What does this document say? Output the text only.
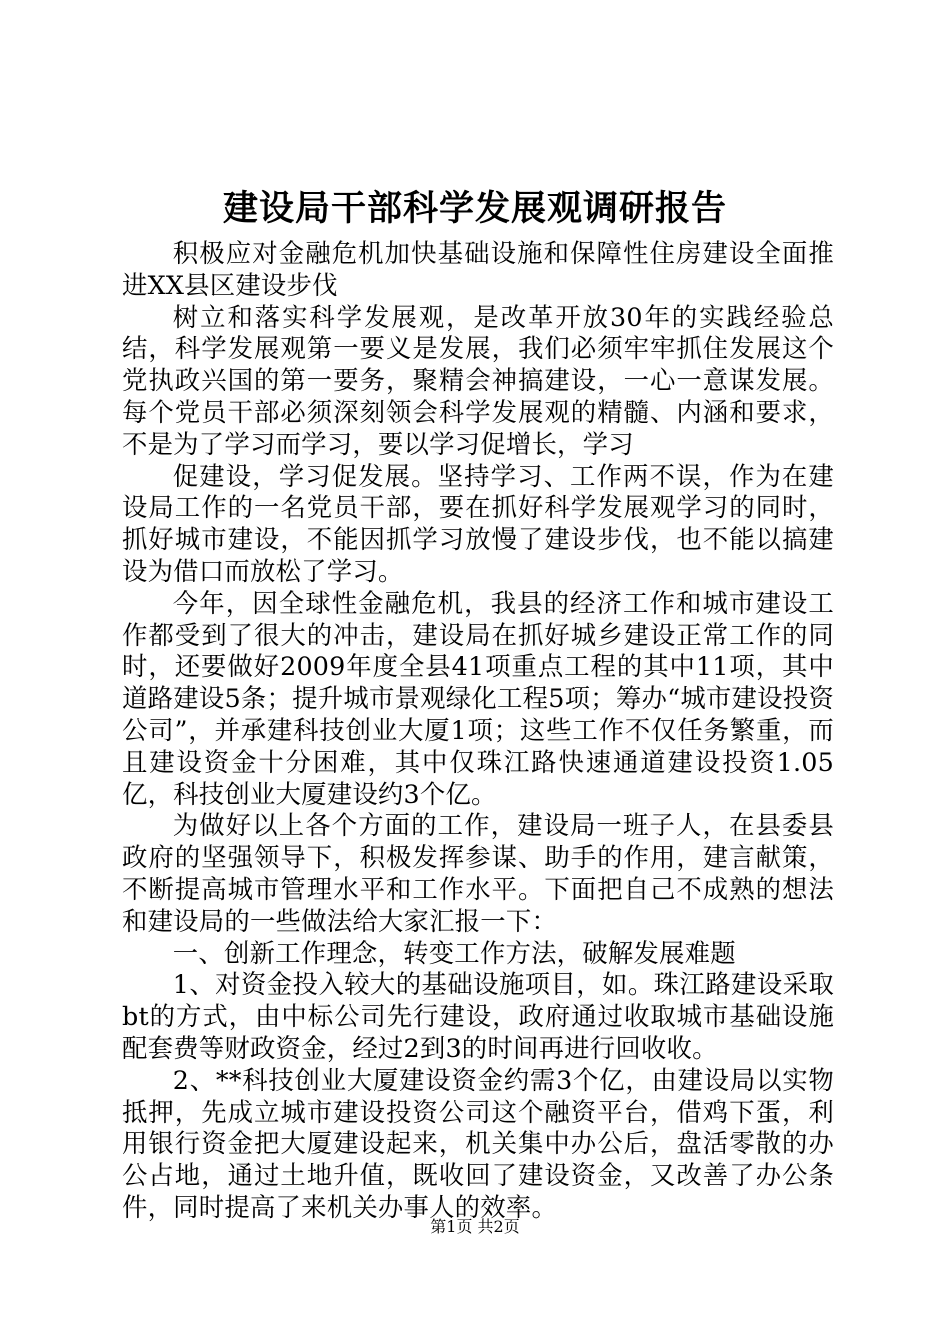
建设局干部科学发展观调研报告

积极应对金融危机加快基础设施和保障性住房建设全面推进XX县区建设步伐

树立和落实科学发展观，是改革开放30年的实践经验总结，科学发展观第一要义是发展，我们必须牢牢抓住发展这个党执政兴国的第一要务，聚精会神搞建设，一心一意谋发展。每个党员干部必须深刻领会科学发展观的精髓、内涵和要求，不是为了学习而学习，要以学习促增长，学习

促建设，学习促发展。坚持学习、工作两不误，作为在建设局工作的一名党员干部，要在抓好科学发展观学习的同时，抓好城市建设，不能因抓学习放慢了建设步伐，也不能以搞建设为借口而放松了学习。

今年，因全球性金融危机，我县的经济工作和城市建设工作都受到了很大的冲击，建设局在抓好城乡建设正常工作的同时，还要做好2009年度全县41项重点工程的其中11项，其中道路建设5条；提升城市景观绿化工程5项；筹办“城市建设投资公司”，并承建科技创业大厦1项；这些工作不仅任务繁重，而且建设资金十分困难，其中仅珠江路快速通道建设投资1.05亿，科技创业大厦建设约3个亿。

为做好以上各个方面的工作，建设局一班子人，在县委县政府的坚强领导下，积极发挥参谋、助手的作用，建言献策，不断提高城市管理水平和工作水平。下面把自己不成熟的想法和建设局的一些做法给大家汇报一下：

一、创新工作理念，转变工作方法，破解发展难题

1、对资金投入较大的基础设施项目，如。珠江路建设采取bt的方式，由中标公司先行建设，政府通过收取城市基础设施配套费等财政资金，经过2到3的时间再进行回收收。

2、**科技创业大厦建设资金约需3个亿，由建设局以实物抵押，先成立城市建设投资公司这个融资平台，借鸡下蛋，利用银行资金把大厦建设起来，机关集中办公后，盘活零散的办公占地，通过土地升值，既收回了建设资金，又改善了办公条件，同时提高了来机关办事人的效率。

第1页 共2页
